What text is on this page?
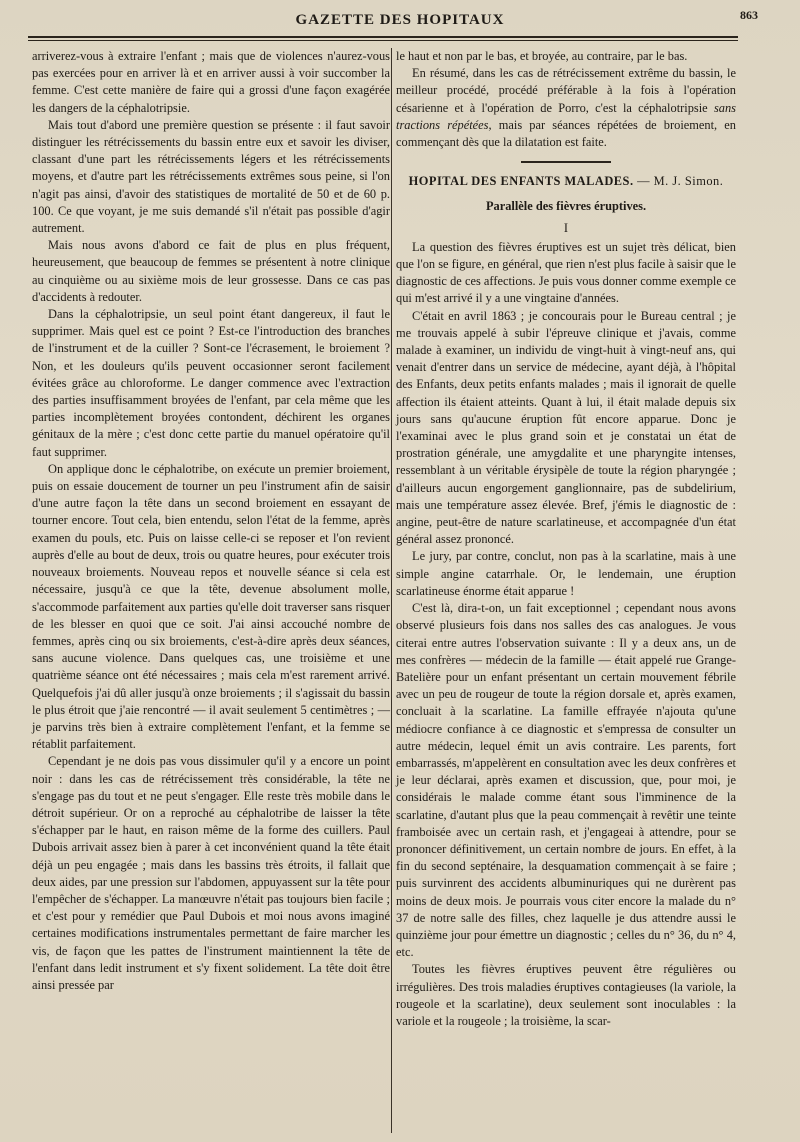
GAZETTE DES HOPITAUX	863

arriverez-vous à extraire l'enfant ; mais que de violences n'aurez-vous pas exercées pour en arriver là et en arriver aussi à voir succomber la femme. C'est cette manière de faire qui a grossi d'une façon exagérée les dangers de la céphalotripsie.

Mais tout d'abord une première question se présente : il faut savoir distinguer les rétrécissements du bassin entre eux et savoir les diviser, classant d'une part les rétrécissements légers et les rétrécissements moyens, et d'autre part les rétrécissements extrêmes sous peine, si l'on n'agit pas ainsi, d'avoir des statistiques de mortalité de 50 et de 60 p. 100. Ce que voyant, je me suis demandé s'il n'était pas possible d'agir autrement.

Mais nous avons d'abord ce fait de plus en plus fréquent, heureusement, que beaucoup de femmes se présentent à notre clinique au cinquième ou au sixième mois de leur grossesse. Dans ce cas pas d'accidents à redouter.

Dans la céphalotripsie, un seul point étant dangereux, il faut le supprimer. Mais quel est ce point ? Est-ce l'introduction des branches de l'instrument et de la cuiller ? Sont-ce l'écrasement, le broiement ? Non, et les douleurs qu'ils peuvent occasionner seront facilement évitées grâce au chloroforme. Le danger commence avec l'extraction des parties insuffisamment broyées de l'enfant, par cela même que les parties incomplètement broyées contondent, déchirent les organes génitaux de la mère ; c'est donc cette partie du manuel opératoire qu'il faut supprimer.

On applique donc le céphalotribe, on exécute un premier broiement, puis on essaie doucement de tourner un peu l'instrument afin de saisir d'une autre façon la tête dans un second broiement en essayant de tourner encore. Tout cela, bien entendu, selon l'état de la femme, après examen du pouls, etc. Puis on laisse celle-ci se reposer et l'on revient auprès d'elle au bout de deux, trois ou quatre heures, pour exécuter trois nouveaux broiements. Nouveau repos et nouvelle séance si cela est nécessaire, jusqu'à ce que la tête, devenue absolument molle, s'accommode parfaitement aux parties qu'elle doit traverser sans risquer de les blesser en quoi que ce soit. J'ai ainsi accouché nombre de femmes, après cinq ou six broiements, c'est-à-dire après deux séances, sans aucune violence. Dans quelques cas, une troisième et une quatrième séance ont été nécessaires ; mais cela m'est rarement arrivé. Quelquefois j'ai dû aller jusqu'à onze broiements ; il s'agissait du bassin le plus étroit que j'aie rencontré — il avait seulement 5 centimètres ; — je parvins très bien à extraire complètement l'enfant, et la femme se rétablit parfaitement.

Cependant je ne dois pas vous dissimuler qu'il y a encore un point noir : dans les cas de rétrécissement très considérable, la tête ne s'engage pas du tout et ne peut s'engager. Elle reste très mobile dans le détroit supérieur. Or on a reproché au céphalotribe de laisser la tête s'échapper par le haut, en raison même de la forme des cuillers. Paul Dubois arrivait assez bien à parer à cet inconvénient quand la tête était déjà un peu engagée ; mais dans les bassins très étroits, il fallait que deux aides, par une pression sur l'abdomen, appuyassent sur la tête pour l'empêcher de s'échapper. La manœuvre n'était pas toujours bien facile ; et c'est pour y remédier que Paul Dubois et moi nous avons imaginé certaines modifications instrumentales permettant de faire marcher les vis, de façon que les pattes de l'instrument maintiennent la tête de l'enfant dans ledit instrument et s'y fixent solidement. La tête doit être ainsi pressée par

le haut et non par le bas, et broyée, au contraire, par le bas.

En résumé, dans les cas de rétrécissement extrême du bassin, le meilleur procédé, procédé préférable à la fois à l'opération césarienne et à l'opération de Porro, c'est la céphalotripsie sans tractions répétées, mais par séances répétées de broiement, en commençant dès que la dilatation est faite.

HOPITAL DES ENFANTS MALADES. — M. J. Simon.
Parallèle des fièvres éruptives.
I

La question des fièvres éruptives est un sujet très délicat, bien que l'on se figure, en général, que rien n'est plus facile à saisir que le diagnostic de ces affections. Je puis vous donner comme exemple ce qui m'est arrivé il y a une vingtaine d'années.

C'était en avril 1863 ; je concourais pour le Bureau central ; je me trouvais appelé à subir l'épreuve clinique et j'avais, comme malade à examiner, un individu de vingt-huit à vingt-neuf ans, qui venait d'entrer dans un service de médecine, ayant déjà, à l'hôpital des Enfants, deux petits enfants malades ; mais il ignorait de quelle affection ils étaient atteints. Quant à lui, il était malade depuis six jours sans qu'aucune éruption fût encore apparue. Donc je l'examinai avec le plus grand soin et je constatai un état de prostration générale, une amygdalite et une pharyngite intenses, ressemblant à un véritable érysipèle de toute la région pharyngée ; d'ailleurs aucun engorgement ganglionnaire, pas de subdelirium, mais une température assez élevée. Bref, j'émis le diagnostic de : angine, peut-être de nature scarlatineuse, et accompagnée d'un état général assez prononcé.

Le jury, par contre, conclut, non pas à la scarlatine, mais à une simple angine catarrhale. Or, le lendemain, une éruption scarlatineuse énorme était apparue !

C'est là, dira-t-on, un fait exceptionnel ; cependant nous avons observé plusieurs fois dans nos salles des cas analogues. Je vous citerai entre autres l'observation suivante : Il y a deux ans, un de mes confrères — médecin de la famille — était appelé rue Grange-Batelière pour un enfant présentant un certain mouvement fébrile avec un peu de rougeur de toute la région dorsale et, après examen, concluait à la scarlatine. La famille effrayée n'ajouta qu'une médiocre confiance à ce diagnostic et s'empressa de consulter un autre médecin, lequel émit un avis contraire. Les parents, fort embarrassés, m'appelèrent en consultation avec les deux confrères et je leur déclarai, après examen et discussion, que, pour moi, je considérais le malade comme étant sous l'imminence de la scarlatine, d'autant plus que la peau commençait à revêtir une teinte framboisée avec un certain rash, et j'engageai à attendre, pour se prononcer définitivement, un certain nombre de jours. En effet, à la fin du second septénaire, la desquamation commençait à se faire ; puis survinrent des accidents albuminuriques qui ne durèrent pas moins de deux mois. Je pourrais vous citer encore la malade du n° 37 de notre salle des filles, chez laquelle je dus attendre aussi le quinzième jour pour émettre un diagnostic ; celles du n° 36, du n° 4, etc.

Toutes les fièvres éruptives peuvent être régulières ou irrégulières. Des trois maladies éruptives contagieuses (la variole, la rougeole et la scarlatine), deux seulement sont inoculables : la variole et la rougeole ; la troisième, la scar-
